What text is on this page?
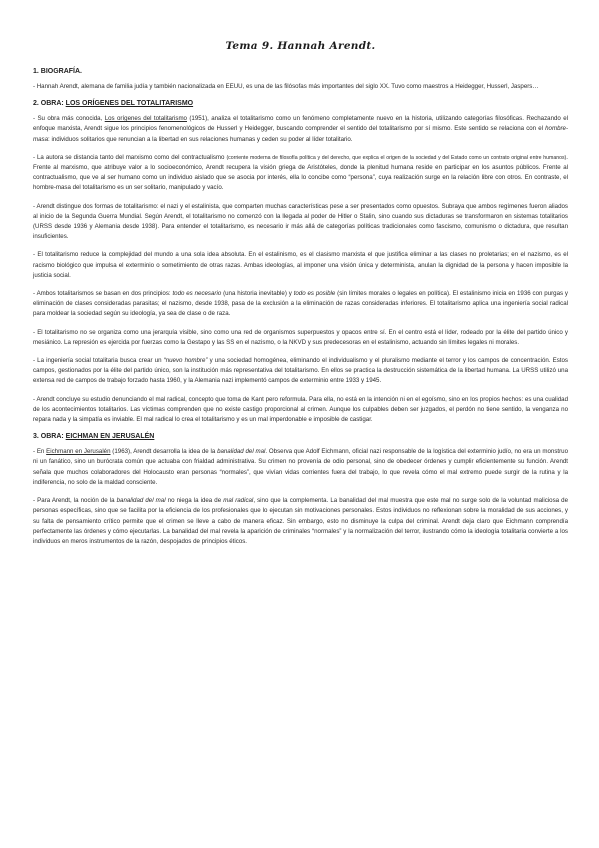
Tema 9. Hannah Arendt.
1. BIOGRAFÍA.

- Hannah Arendt, alemana de familia judía y también nacionalizada en EEUU, es una de las filósofas más importantes del siglo XX. Tuvo como maestros a Heidegger, Husserl, Jaspers…

2. OBRA: LOS ORÍGENES DEL TOTALITARISMO

- Su obra más conocida, Los orígenes del totalitarismo (1951), analiza el totalitarismo como un fenómeno completamente nuevo en la historia, utilizando categorías filosóficas. Rechazando el enfoque marxista, Arendt sigue los principios fenomenológicos de Husserl y Heidegger, buscando comprender el sentido del totalitarismo por sí mismo. Este sentido se relaciona con el hombre-masa: individuos solitarios que renuncian a la libertad en sus relaciones humanas y ceden su poder al líder totalitario.

- La autora se distancia tanto del marxismo como del contractualismo (corriente moderna de filosofía política y del derecho, que explica el origen de la sociedad y del Estado como un contrato original entre humanos). Frente al marxismo, que atribuye valor a lo socioeconómico, Arendt recupera la visión griega de Aristóteles, donde la plenitud humana reside en participar en los asuntos públicos. Frente al contractualismo, que ve al ser humano como un individuo aislado que se asocia por interés, ella lo concibe como “persona”, cuya realización surge en la relación libre con otros. En contraste, el hombre-masa del totalitarismo es un ser solitario, manipulado y vacío.

- Arendt distingue dos formas de totalitarismo: el nazi y el estalinista, que comparten muchas características pese a ser presentados como opuestos. Subraya que ambos regímenes fueron aliados al inicio de la Segunda Guerra Mundial. Según Arendt, el totalitarismo no comenzó con la llegada al poder de Hitler o Stalin, sino cuando sus dictaduras se transformaron en sistemas totalitarios (URSS desde 1936 y Alemania desde 1938). Para entender el totalitarismo, es necesario ir más allá de categorías políticas tradicionales como fascismo, comunismo o dictadura, que resultan insuficientes.

- El totalitarismo reduce la complejidad del mundo a una sola idea absoluta. En el estalinismo, es el clasismo marxista el que justifica eliminar a las clases no proletarias; en el nazismo, es el racismo biológico que impulsa el exterminio o sometimiento de otras razas. Ambas ideologías, al imponer una visión única y determinista, anulan la dignidad de la persona y hacen imposible la justicia social.

- Ambos totalitarismos se basan en dos principios: todo es necesario (una historia inevitable) y todo es posible (sin límites morales o legales en política). El estalinismo inicia en 1936 con purgas y eliminación de clases consideradas parasitas; el nazismo, desde 1938, pasa de la exclusión a la eliminación de razas consideradas inferiores. El totalitarismo aplica una ingeniería social radical para moldear la sociedad según su ideología, ya sea de clase o de raza.

- El totalitarismo no se organiza como una jerarquía visible, sino como una red de organismos superpuestos y opacos entre sí. En el centro está el líder, rodeado por la élite del partido único y mesiánico. La represión es ejercida por fuerzas como la Gestapo y las SS en el nazismo, o la NKVD y sus predecesoras en el estalinismo, actuando sin límites legales ni morales.

- La ingeniería social totalitaria busca crear un “nuevo hombre” y una sociedad homogénea, eliminando el individualismo y el pluralismo mediante el terror y los campos de concentración. Estos campos, gestionados por la élite del partido único, son la institución más representativa del totalitarismo. En ellos se practica la destrucción sistemática de la libertad humana. La URSS utilizó una extensa red de campos de trabajo forzado hasta 1960, y la Alemania nazi implementó campos de exterminio entre 1933 y 1945.

- Arendt concluye su estudio denunciando el mal radical, concepto que toma de Kant pero reformula. Para ella, no está en la intención ni en el egoísmo, sino en los propios hechos: es una cualidad de los acontecimientos totalitarios. Las víctimas comprenden que no existe castigo proporcional al crimen. Aunque los culpables deben ser juzgados, el perdón no tiene sentido, la venganza no repara nada y la simpatía es inviable. El mal radical lo crea el totalitarismo y es un mal imperdonable e imposible de castigar.

3. OBRA: EICHMAN EN JERUSALÉN

- En Eichmann en Jerusalén (1963), Arendt desarrolla la idea de la banalidad del mal. Observa que Adolf Eichmann, oficial nazi responsable de la logística del exterminio judío, no era un monstruo ni un fanático, sino un burócrata común que actuaba con frialdad administrativa. Su crimen no provenía de odio personal, sino de obedecer órdenes y cumplir eficientemente su función. Arendt señala que muchos colaboradores del Holocausto eran personas “normales”, que vivían vidas corrientes fuera del trabajo, lo que revela cómo el mal extremo puede surgir de la rutina y la indiferencia, no solo de la maldad consciente.

- Para Arendt, la noción de la banalidad del mal no niega la idea de mal radical, sino que la complementa. La banalidad del mal muestra que este mal no surge solo de la voluntad maliciosa de personas específicas, sino que se facilita por la eficiencia de los profesionales que lo ejecutan sin motivaciones personales. Estos individuos no reflexionan sobre la moralidad de sus acciones, y su falta de pensamiento crítico permite que el crimen se lleve a cabo de manera eficaz. Sin embargo, esto no disminuye la culpa del criminal. Arendt deja claro que Eichmann comprendía perfectamente las órdenes y cómo ejecutarlas. La banalidad del mal revela la aparición de criminales “normales” y la normalización del terror, ilustrando cómo la ideología totalitaria convierte a los individuos en meros instrumentos de la razón, despojados de principios éticos.
